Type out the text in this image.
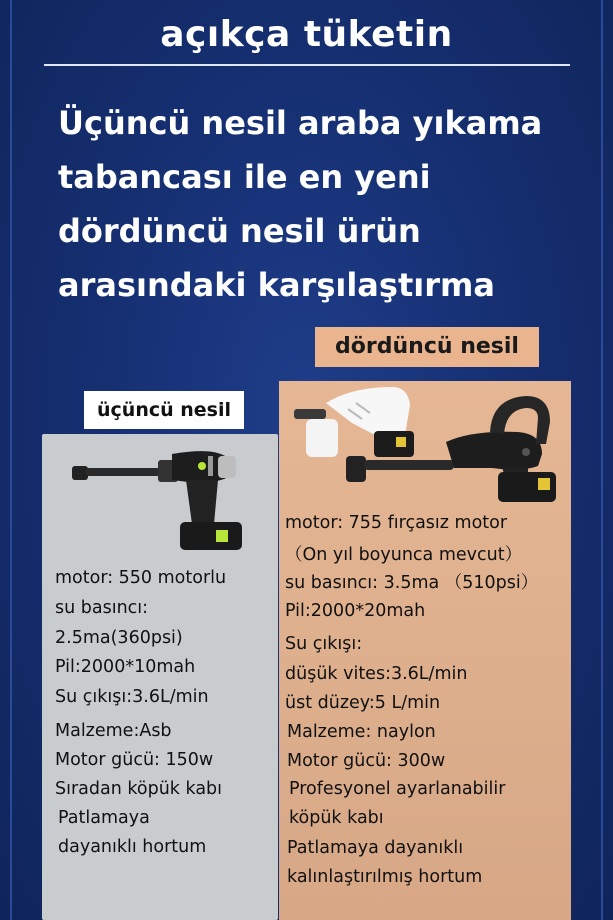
açıkça tüketin
Üçüncü nesil araba yıkama
tabancası ile en yeni
dördüncü nesil ürün
arasındaki karşılaştırma
dördüncü nesil
üçüncü nesil
motor: 550 motorlu
su basıncı:
2.5ma(360psi)
Pil:2000*10mah
Su çıkışı:3.6L/min
Malzeme:Asb
Motor gücü: 150w
Sıradan köpük kabı
Patlamaya
dayanıklı hortum
motor: 755 fırçasız motor
（On yıl boyunca mevcut）
su basıncı: 3.5ma （510psi）
Pil:2000*20mah
Su çıkışı:
düşük vites:3.6L/min
üst düzey:5 L/min
Malzeme: naylon
Motor gücü: 300w
Profesyonel ayarlanabilir
köpük kabı
Patlamaya dayanıklı
kalınlaştırılmış hortum
